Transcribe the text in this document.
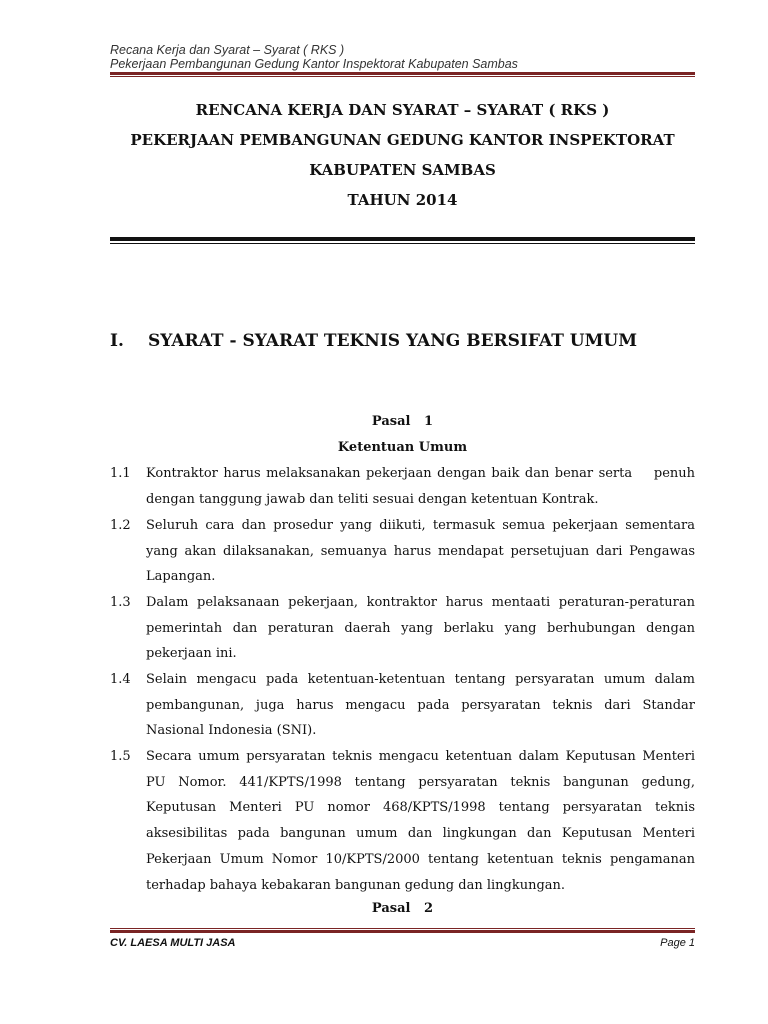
Recana Kerja dan Syarat – Syarat ( RKS )
Pekerjaan Pembangunan Gedung Kantor Inspektorat Kabupaten Sambas
RENCANA KERJA DAN SYARAT – SYARAT ( RKS )
PEKERJAAN PEMBANGUNAN GEDUNG KANTOR INSPEKTORAT
KABUPATEN SAMBAS
TAHUN 2014
I. SYARAT - SYARAT TEKNIS YANG BERSIFAT UMUM
Pasal   1
Ketentuan Umum
1.1	Kontraktor harus melaksanakan pekerjaan dengan baik dan benar serta    penuh dengan tanggung jawab dan teliti sesuai dengan ketentuan Kontrak.
1.2	Seluruh cara dan prosedur yang diikuti, termasuk semua pekerjaan sementara yang akan dilaksanakan, semuanya harus mendapat persetujuan dari Pengawas Lapangan.
1.3	Dalam pelaksanaan pekerjaan, kontraktor harus mentaati peraturan-peraturan pemerintah dan peraturan daerah yang berlaku yang berhubungan dengan pekerjaan ini.
1.4	Selain mengacu pada ketentuan-ketentuan tentang persyaratan umum dalam pembangunan, juga harus mengacu pada persyaratan teknis dari Standar Nasional Indonesia (SNI).
1.5	Secara umum persyaratan teknis mengacu ketentuan dalam Keputusan Menteri PU Nomor. 441/KPTS/1998 tentang persyaratan teknis bangunan gedung, Keputusan Menteri PU nomor 468/KPTS/1998 tentang persyaratan teknis aksesibilitas pada bangunan umum dan lingkungan dan Keputusan Menteri Pekerjaan Umum Nomor 10/KPTS/2000 tentang ketentuan teknis pengamanan terhadap bahaya kebakaran bangunan gedung dan lingkungan.
Pasal   2
CV. LAESA MULTI JASA	Page 1
